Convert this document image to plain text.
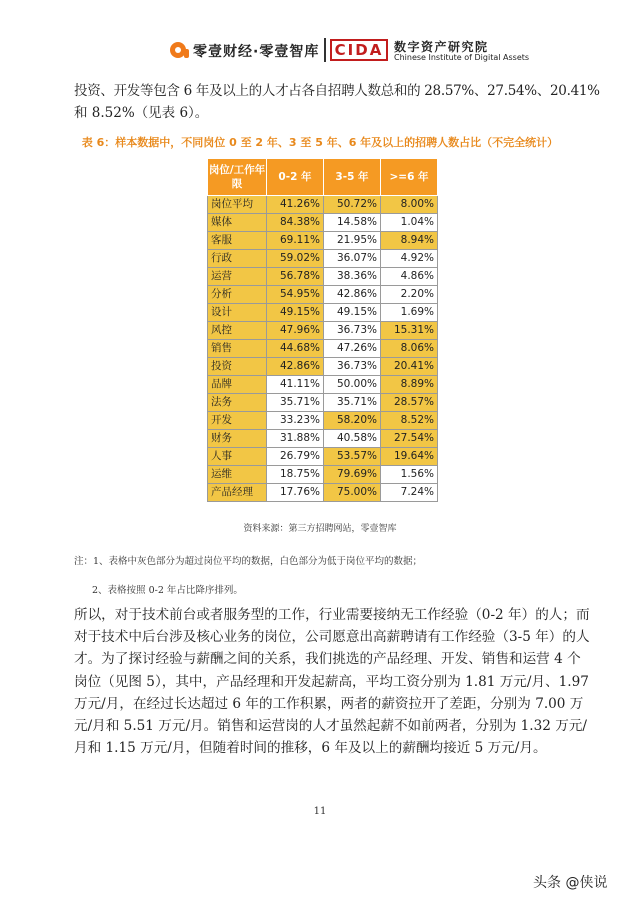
零壹财经·零壹智库	CIDA 数字资产研究院
Chinese Institute of Digital Assets
投资、开发等包含 6 年及以上的人才占各自招聘人数总和的 28.57%、27.54%、20.41%
和 8.52%（见表 6）。
表 6：样本数据中，不同岗位 0 至 2 年、3 至 5 年、6 年及以上的招聘人数占比（不完全统计）
岗位/工作年限	0-2 年	3-5 年	>=6 年
岗位平均	41.26%	50.72%	8.00%
媒体	84.38%	14.58%	1.04%
客服	69.11%	21.95%	8.94%
行政	59.02%	36.07%	4.92%
运营	56.78%	38.36%	4.86%
分析	54.95%	42.86%	2.20%
设计	49.15%	49.15%	1.69%
风控	47.96%	36.73%	15.31%
销售	44.68%	47.26%	8.06%
投资	42.86%	36.73%	20.41%
品牌	41.11%	50.00%	8.89%
法务	35.71%	35.71%	28.57%
开发	33.23%	58.20%	8.52%
财务	31.88%	40.58%	27.54%
人事	26.79%	53.57%	19.64%
运维	18.75%	79.69%	1.56%
产品经理	17.76%	75.00%	7.24%
资料来源：第三方招聘网站，零壹智库
注：1、表格中灰色部分为超过岗位平均的数据，白色部分为低于岗位平均的数据；
2、表格按照 0-2 年占比降序排列。
所以，对于技术前台或者服务型的工作，行业需要接纳无工作经验（0-2 年）的人；而
对于技术中后台涉及核心业务的岗位，公司愿意出高薪聘请有工作经验（3-5 年）的人
才。为了探讨经验与薪酬之间的关系，我们挑选的产品经理、开发、销售和运营 4 个
岗位（见图 5），其中，产品经理和开发起薪高，平均工资分别为 1.81 万元/月、1.97
万元/月，在经过长达超过 6 年的工作积累，两者的薪资拉开了差距，分别为 7.00 万
元/月和 5.51 万元/月。销售和运营岗的人才虽然起薪不如前两者，分别为 1.32 万元/
月和 1.15 万元/月，但随着时间的推移，6 年及以上的薪酬均接近 5 万元/月。
11
头条 @侠说
